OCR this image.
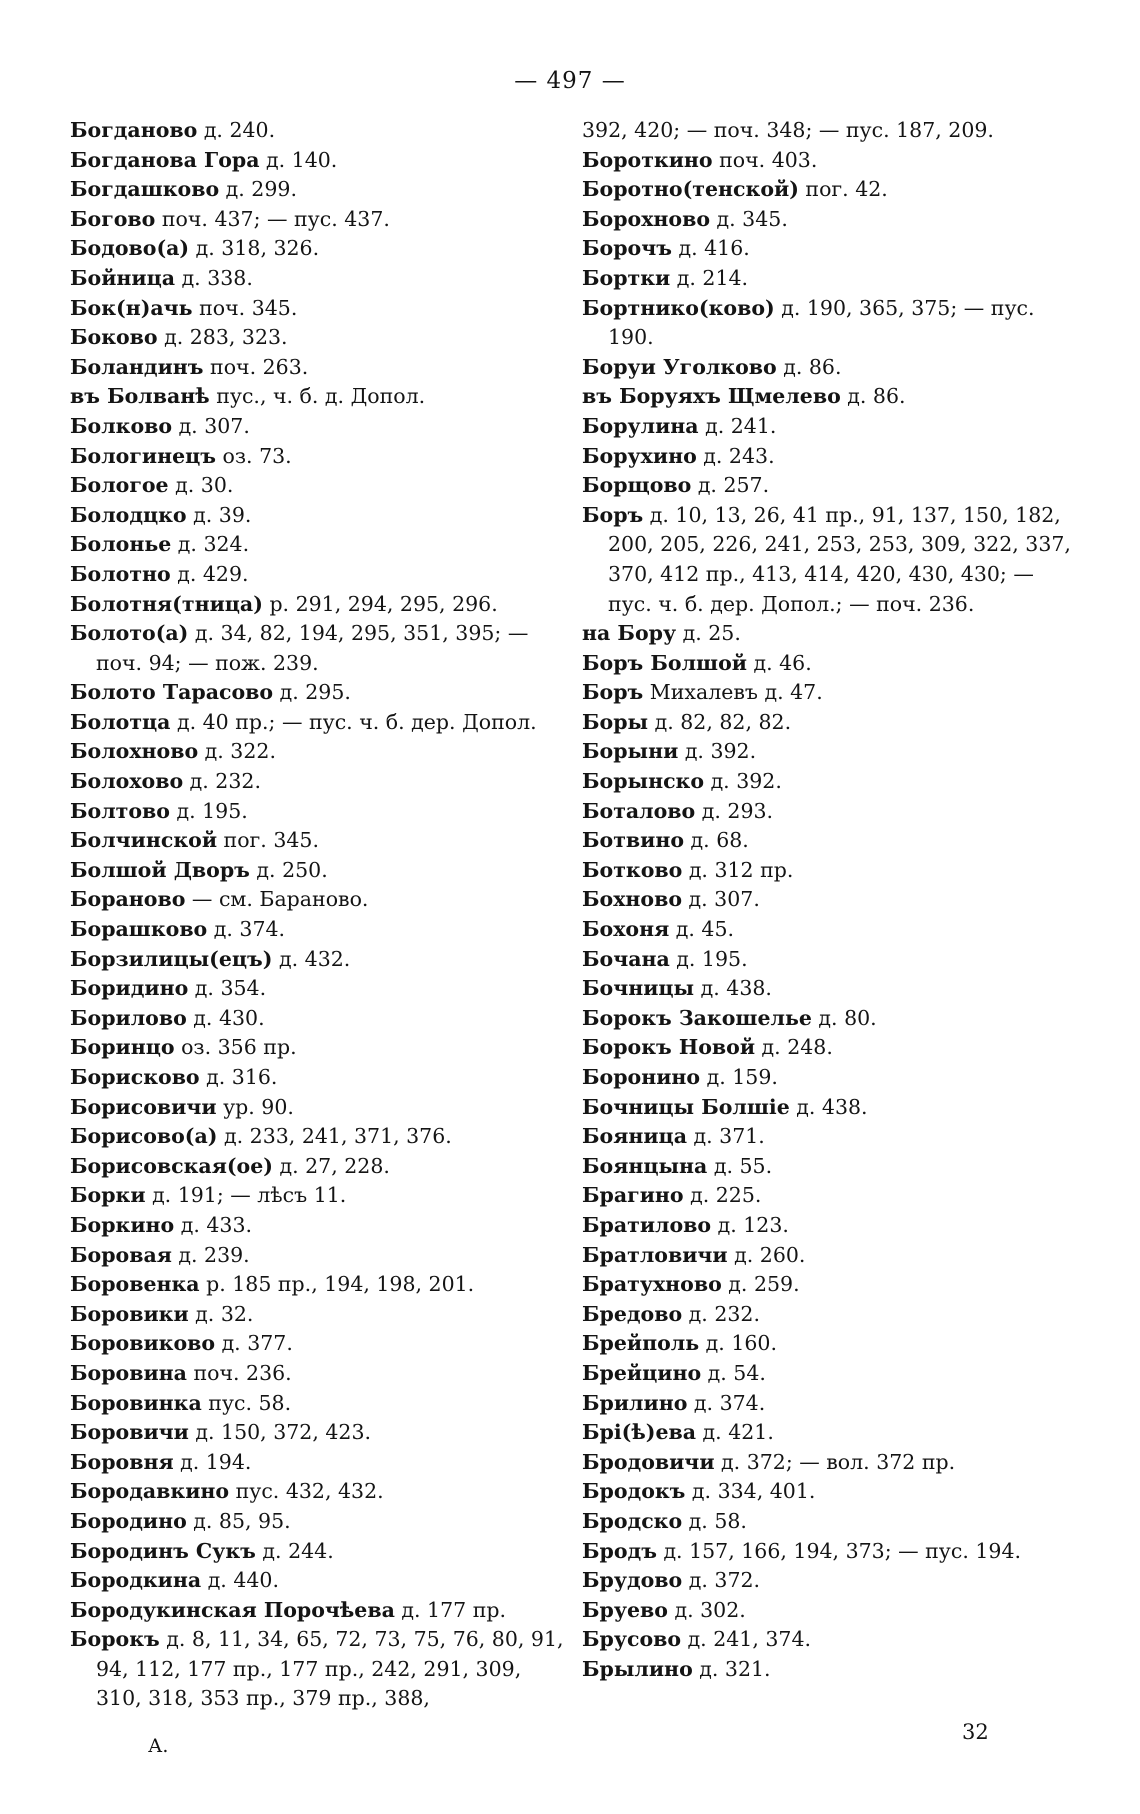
— 497 —
Богданово д. 240.
Богданова Гора д. 140.
Богдашково д. 299.
Богово поч. 437; — пус. 437.
Бодово(а) д. 318, 326.
Бойница д. 338.
Бок(н)ачь поч. 345.
Боково д. 283, 323.
Боландинъ поч. 263.
въ Болванѣ пус., ч. б. д. Допол.
Болково д. 307.
Бологинецъ оз. 73.
Бологое д. 30.
Болодцко д. 39.
Болонье д. 324.
Болотно д. 429.
Болотня(тница) р. 291, 294, 295, 296.
Болото(а) д. 34, 82, 194, 295, 351, 395; — поч. 94; — пож. 239.
Болото Тарасово д. 295.
Болотца д. 40 пр.; — пус. ч. б. дер. Допол.
Болохново д. 322.
Болохово д. 232.
Болтово д. 195.
Болчинской пог. 345.
Болшой Дворъ д. 250.
Бораново — см. Бараново.
Борашково д. 374.
Борзилицы(ецъ) д. 432.
Боридино д. 354.
Борилово д. 430.
Боринцо оз. 356 пр.
Борисково д. 316.
Борисовичи ур. 90.
Борисово(а) д. 233, 241, 371, 376.
Борисовская(ое) д. 27, 228.
Борки д. 191; — лѣсъ 11.
Боркино д. 433.
Боровая д. 239.
Боровенка р. 185 пр., 194, 198, 201.
Боровики д. 32.
Боровиково д. 377.
Боровина поч. 236.
Боровинка пус. 58.
Боровичи д. 150, 372, 423.
Боровня д. 194.
Бородавкино пус. 432, 432.
Бородино д. 85, 95.
Бородинъ Сукъ д. 244.
Бородкина д. 440.
Бородукинская Порочѣева д. 177 пр.
Борокъ д. 8, 11, 34, 65, 72, 73, 75, 76, 80, 91, 94, 112, 177 пр., 177 пр., 242, 291, 309, 310, 318, 353 пр., 379 пр., 388,
392, 420; — поч. 348; — пус. 187, 209.
Бороткино поч. 403.
Боротно(тенской) пог. 42.
Борохново д. 345.
Борочъ д. 416.
Бортки д. 214.
Бортнико(ково) д. 190, 365, 375; — пус. 190.
Боруи Уголково д. 86.
въ Боруяхъ Щмелево д. 86.
Борулина д. 241.
Борухино д. 243.
Борщово д. 257.
Боръ д. 10, 13, 26, 41 пр., 91, 137, 150, 182, 200, 205, 226, 241, 253, 253, 309, 322, 337, 370, 412 пр., 413, 414, 420, 430, 430; — пус. ч. б. дер. Допол.; — поч. 236.
на Бору д. 25.
Боръ Болшой д. 46.
Боръ Михалевъ д. 47.
Боры д. 82, 82, 82.
Борыни д. 392.
Борынско д. 392.
Боталово д. 293.
Ботвино д. 68.
Ботково д. 312 пр.
Бохново д. 307.
Бохоня д. 45.
Бочана д. 195.
Бочницы д. 438.
Борокъ Закошелье д. 80.
Борокъ Новой д. 248.
Боронино д. 159.
Бочницы Болшіе д. 438.
Бояница д. 371.
Боянцына д. 55.
Брагино д. 225.
Братилово д. 123.
Братловичи д. 260.
Братухново д. 259.
Бредово д. 232.
Брейполь д. 160.
Брейцино д. 54.
Брилино д. 374.
Брі(ѣ)ева д. 421.
Бродовичи д. 372; — вол. 372 пр.
Бродокъ д. 334, 401.
Бродско д. 58.
Бродъ д. 157, 166, 194, 373; — пус. 194.
Брудово д. 372.
Бруево д. 302.
Брусово д. 241, 374.
Брылино д. 321.
А.
32
